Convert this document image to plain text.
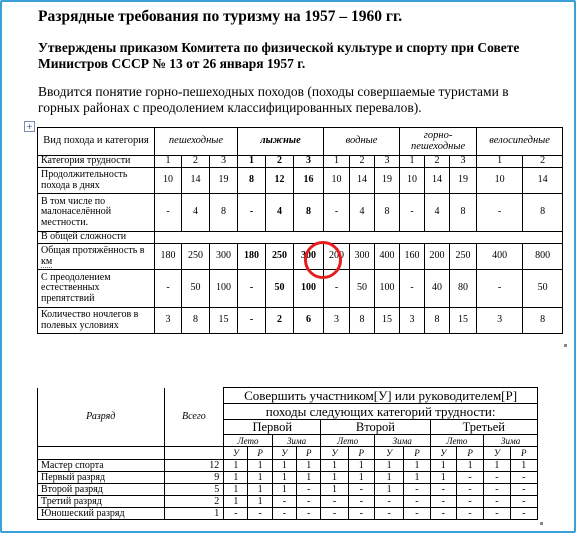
Разрядные требования по туризму на 1957 – 1960 гг.
Утверждены приказом Комитета по физической культуре и спорту при Совете Министров СССР № 13 от 26 января 1957 г.
Вводится понятие горно-пешеходных походов (походы совершаемые туристами в горных районах с преодолением классифицированных перевалов).
+
Вид похода и категория	пешеходные			лыжные			водные			горно-пешеходные			велосипедные	
Категория трудности	1	2	3	1	2	3	1	2	3	1	2	3	1	2
Продолжительность похода в днях	10	14	19	8	12	16	10	14	19	10	14	19	10	14
В том числе по малонаселённой местности.	-	4	8	-	4	8	-	4	8	-	4	8	-	8
В общей сложности														
Общая протяжённость в км	180	250	300	180	250	300	200	300	400	160	200	250	400	800
С преодолением естественных препятствий	-	50	100	-	50	100	-	50	100	-	40	80	-	50
Количество ночлегов в полевых условиях	3	8	15	-	2	6	3	8	15	3	8	15	3	8
Разряд	Всего	Совершить участником[У] или руководителем[Р]											
		походы следующих категорий трудности:											
		Первой				Второй				Третьей			
		Лето		Зима		Лето		Зима		Лето		Зима	
		У	Р	У	Р	У	Р	У	Р	У	Р	У	Р
Мастер спорта	12	1	1	1	1	1	1	1	1	1	1	1	1
Первый разряд	9	1	1	1	1	1	1	1	1	1	-	-	-
Второй разряд	5	1	1	1	-	1	-	1	-	-	-	-	-
Третий разряд	2	1	1	-	-	-	-	-	-	-	-	-	-
Юношеский разряд	1	-	-	-	-	-	-	-	-	-	-	-	-
